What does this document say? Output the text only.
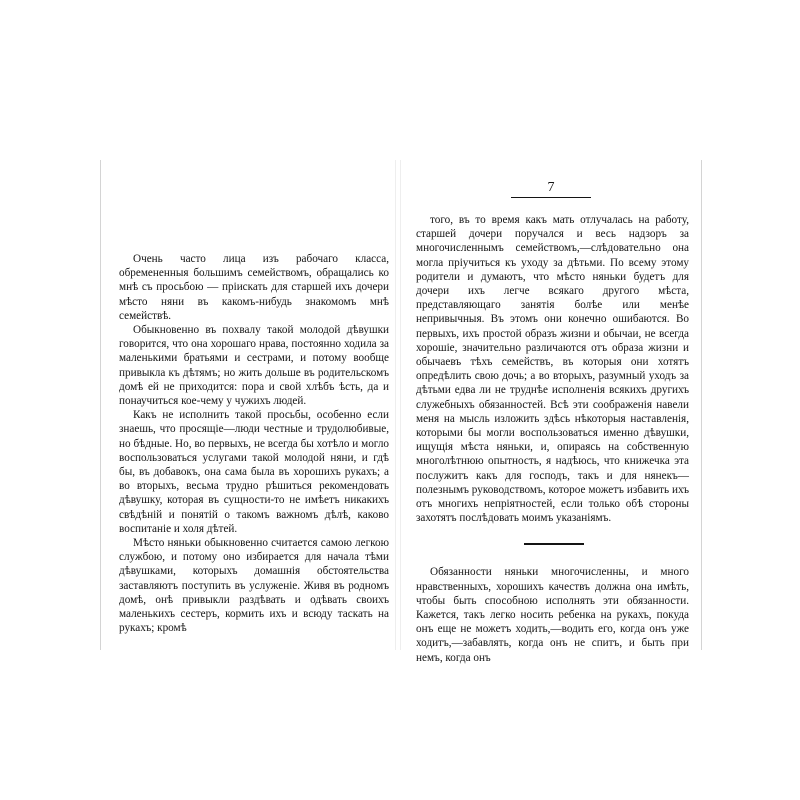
Очень часто лица изъ рабочаго класса, обремененныя большимъ семействомъ, обращались ко мнѣ съ просьбою — пріискать для старшей ихъ дочери мѣсто няни въ какомъ-нибудь знакомомъ мнѣ семействѣ.

Обыкновенно въ похвалу такой молодой дѣвушки говорится, что она хорошаго нрава, постоянно ходила за маленькими братьями и сестрами, и потому вообще привыкла къ дѣтямъ; но жить дольше въ родительскомъ домѣ ей не приходится: пора и свой хлѣбъ ѣсть, да и понаучиться кое-чему у чужихъ людей.

Какъ не исполнить такой просьбы, особенно если знаешь, что просящіе—люди честные и трудолюбивые, но бѣдные. Но, во первыхъ, не всегда бы хотѣло и могло воспользоваться услугами такой молодой няни, и гдѣ бы, въ добавокъ, она сама была въ хорошихъ рукахъ; а во вторыхъ, весьма трудно рѣшиться рекомендовать дѣвушку, которая въ сущности-то не имѣетъ никакихъ свѣдѣній и понятій о такомъ важномъ дѣлѣ, каково воспитаніе и холя дѣтей.

Мѣсто няньки обыкновенно считается самою легкою службою, и потому оно избирается для начала тѣми дѣвушками, которыхъ домашнія обстоятельства заставляютъ поступить въ услуженіе. Живя въ родномъ домѣ, онѣ привыкли раздѣвать и одѣвать своихъ маленькихъ сестеръ, кормить ихъ и всюду таскать на рукахъ; кромѣ

7

того, въ то время какъ мать отлучалась на работу, старшей дочери поручался и весь надзоръ за многочисленнымъ семействомъ,—слѣдовательно она могла пріучиться къ уходу за дѣтьми. По всему этому родители и думаютъ, что мѣсто няньки будетъ для дочери ихъ легче всякаго другого мѣста, представляющаго занятія болѣе или менѣе непривычныя. Въ этомъ они конечно ошибаются. Во первыхъ, ихъ простой образъ жизни и обычаи, не всегда хорошіе, значительно различаются отъ образа жизни и обычаевъ тѣхъ семействъ, въ которыя они хотятъ опредѣлить свою дочь; а во вторыхъ, разумный уходъ за дѣтьми едва ли не труднѣе исполненія всякихъ другихъ служебныхъ обязанностей. Всѣ эти соображенія навели меня на мысль изложить здѣсь нѣкоторыя наставленія, которыми бы могли воспользоваться именно дѣвушки, ищущія мѣста няньки, и, опираясь на собственную многолѣтнюю опытность, я надѣюсь, что книжечка эта послужитъ какъ для господъ, такъ и для нянекъ—полезнымъ руководствомъ, которое можетъ избавить ихъ отъ многихъ непріятностей, если только обѣ стороны захотятъ послѣдовать моимъ указаніямъ.

Обязанности няньки многочисленны, и много нравственныхъ, хорошихъ качествъ должна она имѣть, чтобы быть способною исполнять эти обязанности. Кажется, такъ легко носить ребенка на рукахъ, покуда онъ еще не можетъ ходить,—водить его, когда онъ уже ходитъ,—забавлять, когда онъ не спитъ, и быть при немъ, когда онъ
